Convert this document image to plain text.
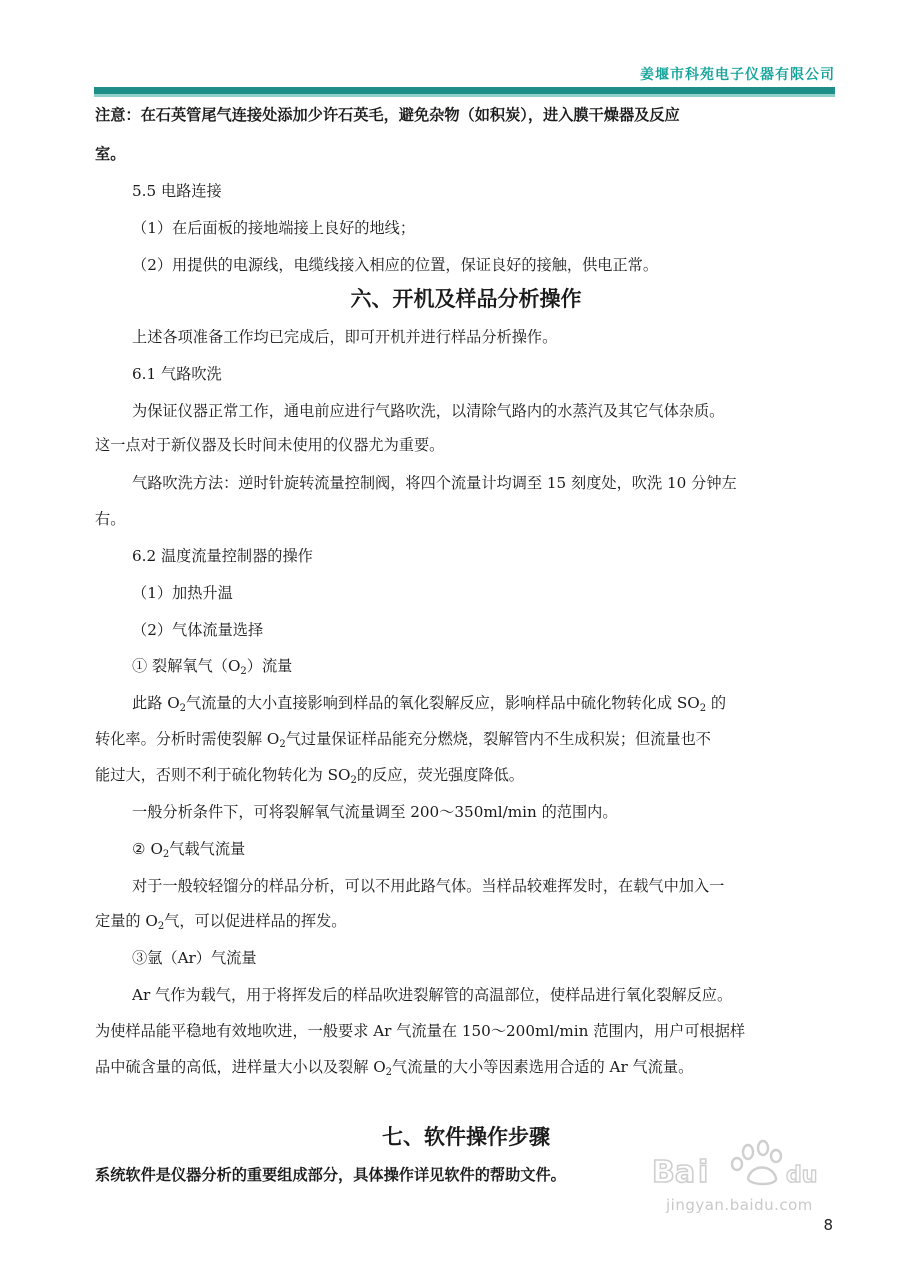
姜堰市科苑电子仪器有限公司
注意：在石英管尾气连接处添加少许石英毛，避免杂物（如积炭），进入膜干燥器及反应
室。
5.5 电路连接
（1）在后面板的接地端接上良好的地线；
（2）用提供的电源线，电缆线接入相应的位置，保证良好的接触，供电正常。
六、开机及样品分析操作
上述各项准备工作均已完成后，即可开机并进行样品分析操作。
6.1 气路吹洗
为保证仪器正常工作，通电前应进行气路吹洗，以清除气路内的水蒸汽及其它气体杂质。
这一点对于新仪器及长时间未使用的仪器尤为重要。
气路吹洗方法：逆时针旋转流量控制阀，将四个流量计均调至 15 刻度处，吹洗 10 分钟左
右。
6.2 温度流量控制器的操作
（1）加热升温
（2）气体流量选择
① 裂解氧气$(O_2)$流量
此路 $O_2$气流量的大小直接影响到样品的氧化裂解反应，影响样品中硫化物转化成 $SO_2$ 的
转化率。分析时需使裂解 $O_2$气过量保证样品能充分燃烧，裂解管内不生成积炭；但流量也不
能过大，否则不利于硫化物转化为 $SO_2$的反应，荧光强度降低。
一般分析条件下，可将裂解氧气流量调至 200～350ml/min 的范围内。
② $O_2$气载气流量
对于一般较轻馏分的样品分析，可以不用此路气体。当样品较难挥发时，在载气中加入一
定量的 $O_2$气，可以促进样品的挥发。
③氩（Ar）气流量
Ar 气作为载气，用于将挥发后的样品吹进裂解管的高温部位，使样品进行氧化裂解反应。
为使样品能平稳地有效地吹进，一般要求 Ar 气流量在 150～200ml/min 范围内，用户可根据样
品中硫含量的高低，进样量大小以及裂解 $O_2$气流量的大小等因素选用合适的 Ar 气流量。
七、软件操作步骤
系统软件是仪器分析的重要组成部分，具体操作详见软件的帮助文件。	Ba i	du
jingyan.baidu.com
8
